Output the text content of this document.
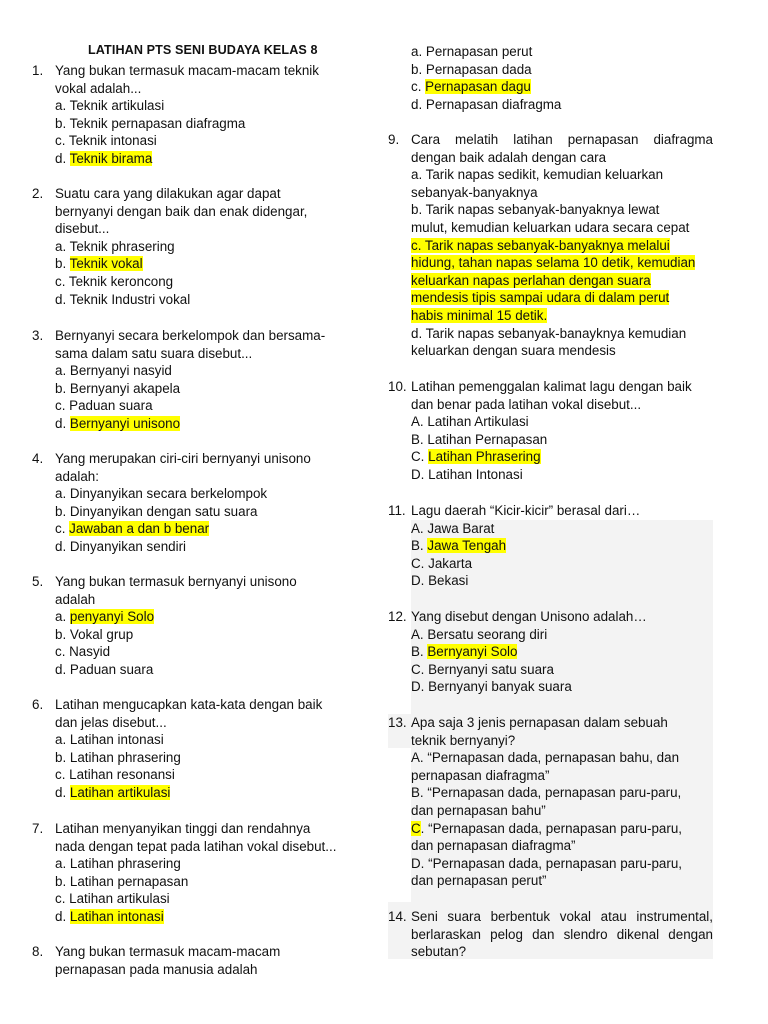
LATIHAN PTS SENI BUDAYA KELAS 8
1. Yang bukan termasuk macam-macam teknik
vokal adalah...
a. Teknik artikulasi
b. Teknik pernapasan diafragma
c. Teknik intonasi
d. Teknik birama
2. Suatu cara yang dilakukan agar dapat
bernyanyi dengan baik dan enak didengar,
disebut...
a. Teknik phrasering
b. Teknik vokal
c. Teknik keroncong
d. Teknik Industri vokal
3. Bernyanyi secara berkelompok dan bersama-
sama dalam satu suara disebut...
a. Bernyanyi nasyid
b. Bernyanyi akapela
c. Paduan suara
d. Bernyanyi unisono
4. Yang merupakan ciri-ciri bernyanyi unisono
adalah:
a. Dinyanyikan secara berkelompok
b. Dinyanyikan dengan satu suara
c. Jawaban a dan b benar
d. Dinyanyikan sendiri
5. Yang bukan termasuk bernyanyi unisono
adalah
a. penyanyi Solo
b. Vokal grup
c. Nasyid
d. Paduan suara
6. Latihan mengucapkan kata-kata dengan baik
dan jelas disebut...
a. Latihan intonasi
b. Latihan phrasering
c. Latihan resonansi
d. Latihan artikulasi
7. Latihan menyanyikan tinggi dan rendahnya
nada dengan tepat pada latihan vokal disebut...
a. Latihan phrasering
b. Latihan pernapasan
c. Latihan artikulasi
d. Latihan intonasi
8. Yang bukan termasuk macam-macam
pernapasan pada manusia adalah
a. Pernapasan perut
b. Pernapasan dada
c. Pernapasan dagu
d. Pernapasan diafragma
9. Cara melatih latihan pernapasan diafragma
dengan baik adalah dengan cara
a. Tarik napas sedikit, kemudian keluarkan
sebanyak-banyaknya
b. Tarik napas sebanyak-banyaknya lewat
mulut, kemudian keluarkan udara secara cepat
c. Tarik napas sebanyak-banyaknya melalui
hidung, tahan napas selama 10 detik, kemudian
keluarkan napas perlahan dengan suara
mendesis tipis sampai udara di dalam perut
habis minimal 15 detik.
d. Tarik napas sebanyak-banayknya kemudian
keluarkan dengan suara mendesis
10. Latihan pemenggalan kalimat lagu dengan baik
dan benar pada latihan vokal disebut...
A. Latihan Artikulasi
B. Latihan Pernapasan
C. Latihan Phrasering
D. Latihan Intonasi
11. Lagu daerah “Kicir-kicir” berasal dari…
A. Jawa Barat
B. Jawa Tengah
C. Jakarta
D. Bekasi
12. Yang disebut dengan Unisono adalah…
A. Bersatu seorang diri
B. Bernyanyi Solo
C. Bernyanyi satu suara
D. Bernyanyi banyak suara
13. Apa saja 3 jenis pernapasan dalam sebuah
teknik bernyanyi?
A. “Pernapasan dada, pernapasan bahu, dan
pernapasan diafragma”
B. “Pernapasan dada, pernapasan paru-paru,
dan pernapasan bahu”
C. “Pernapasan dada, pernapasan paru-paru,
dan pernapasan diafragma”
D. “Pernapasan dada, pernapasan paru-paru,
dan pernapasan perut”
14. Seni suara berbentuk vokal atau instrumental,
berlaraskan pelog dan slendro dikenal dengan
sebutan?
